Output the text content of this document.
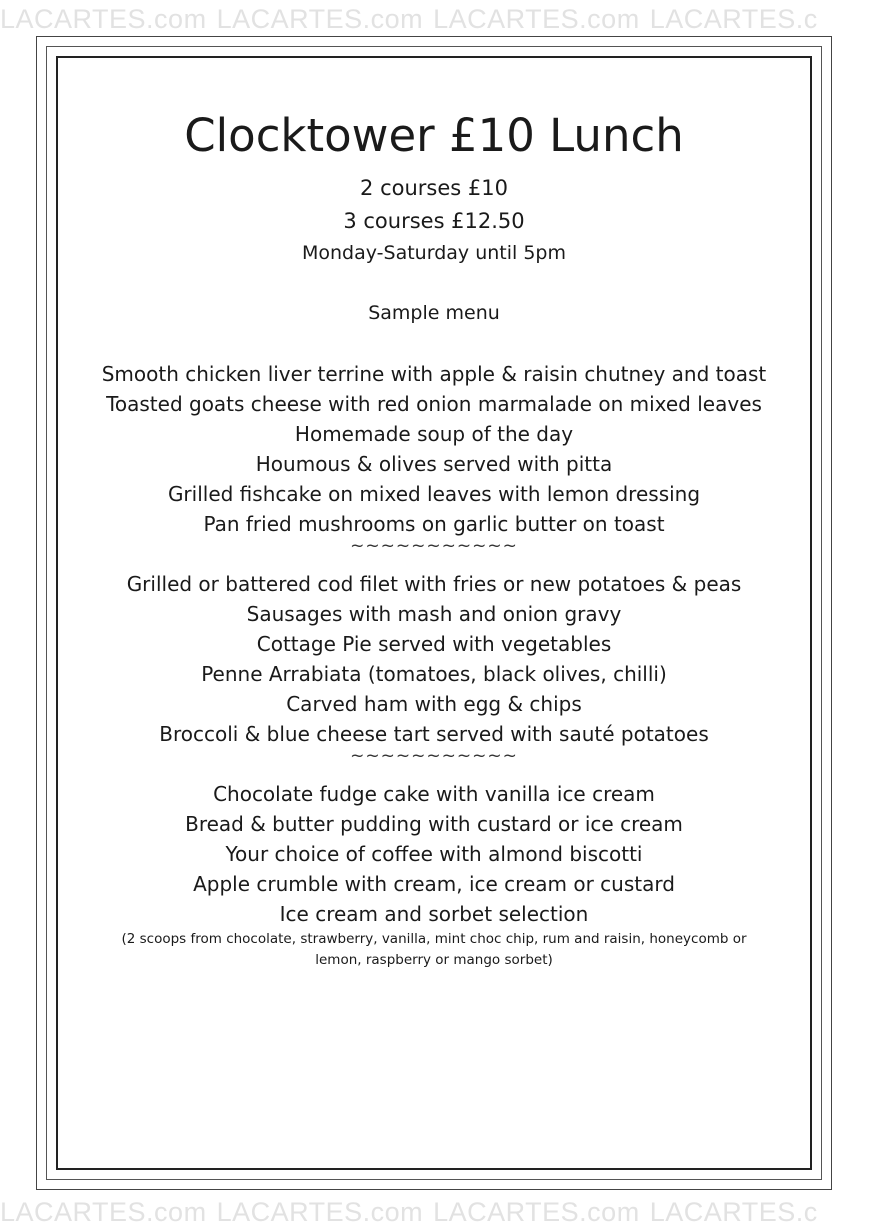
LACARTES.com LACARTES.com LACARTES.com LACARTES.c
Clocktower £10 Lunch
2 courses £10
3 courses £12.50
Monday-Saturday until 5pm
Sample menu
Smooth chicken liver terrine with apple & raisin chutney and toast
Toasted goats cheese with red onion marmalade on mixed leaves
Homemade soup of the day
Houmous & olives served with pitta
Grilled fishcake on mixed leaves with lemon dressing
Pan fried mushrooms on garlic butter on toast
~~~~~~~~~~~
Grilled or battered cod filet with fries or new potatoes & peas
Sausages with mash and onion gravy
Cottage Pie served with vegetables
Penne Arrabiata (tomatoes, black olives, chilli)
Carved ham with egg & chips
Broccoli & blue cheese tart served with sauté potatoes
~~~~~~~~~~~
Chocolate fudge cake with vanilla ice cream
Bread & butter pudding with custard or ice cream
Your choice of coffee with almond biscotti
Apple crumble with cream, ice cream or custard
Ice cream and sorbet selection
(2 scoops from chocolate, strawberry, vanilla, mint choc chip, rum and raisin, honeycomb or lemon, raspberry or mango sorbet)
LACARTES.com LACARTES.com LACARTES.com LACARTES.c
